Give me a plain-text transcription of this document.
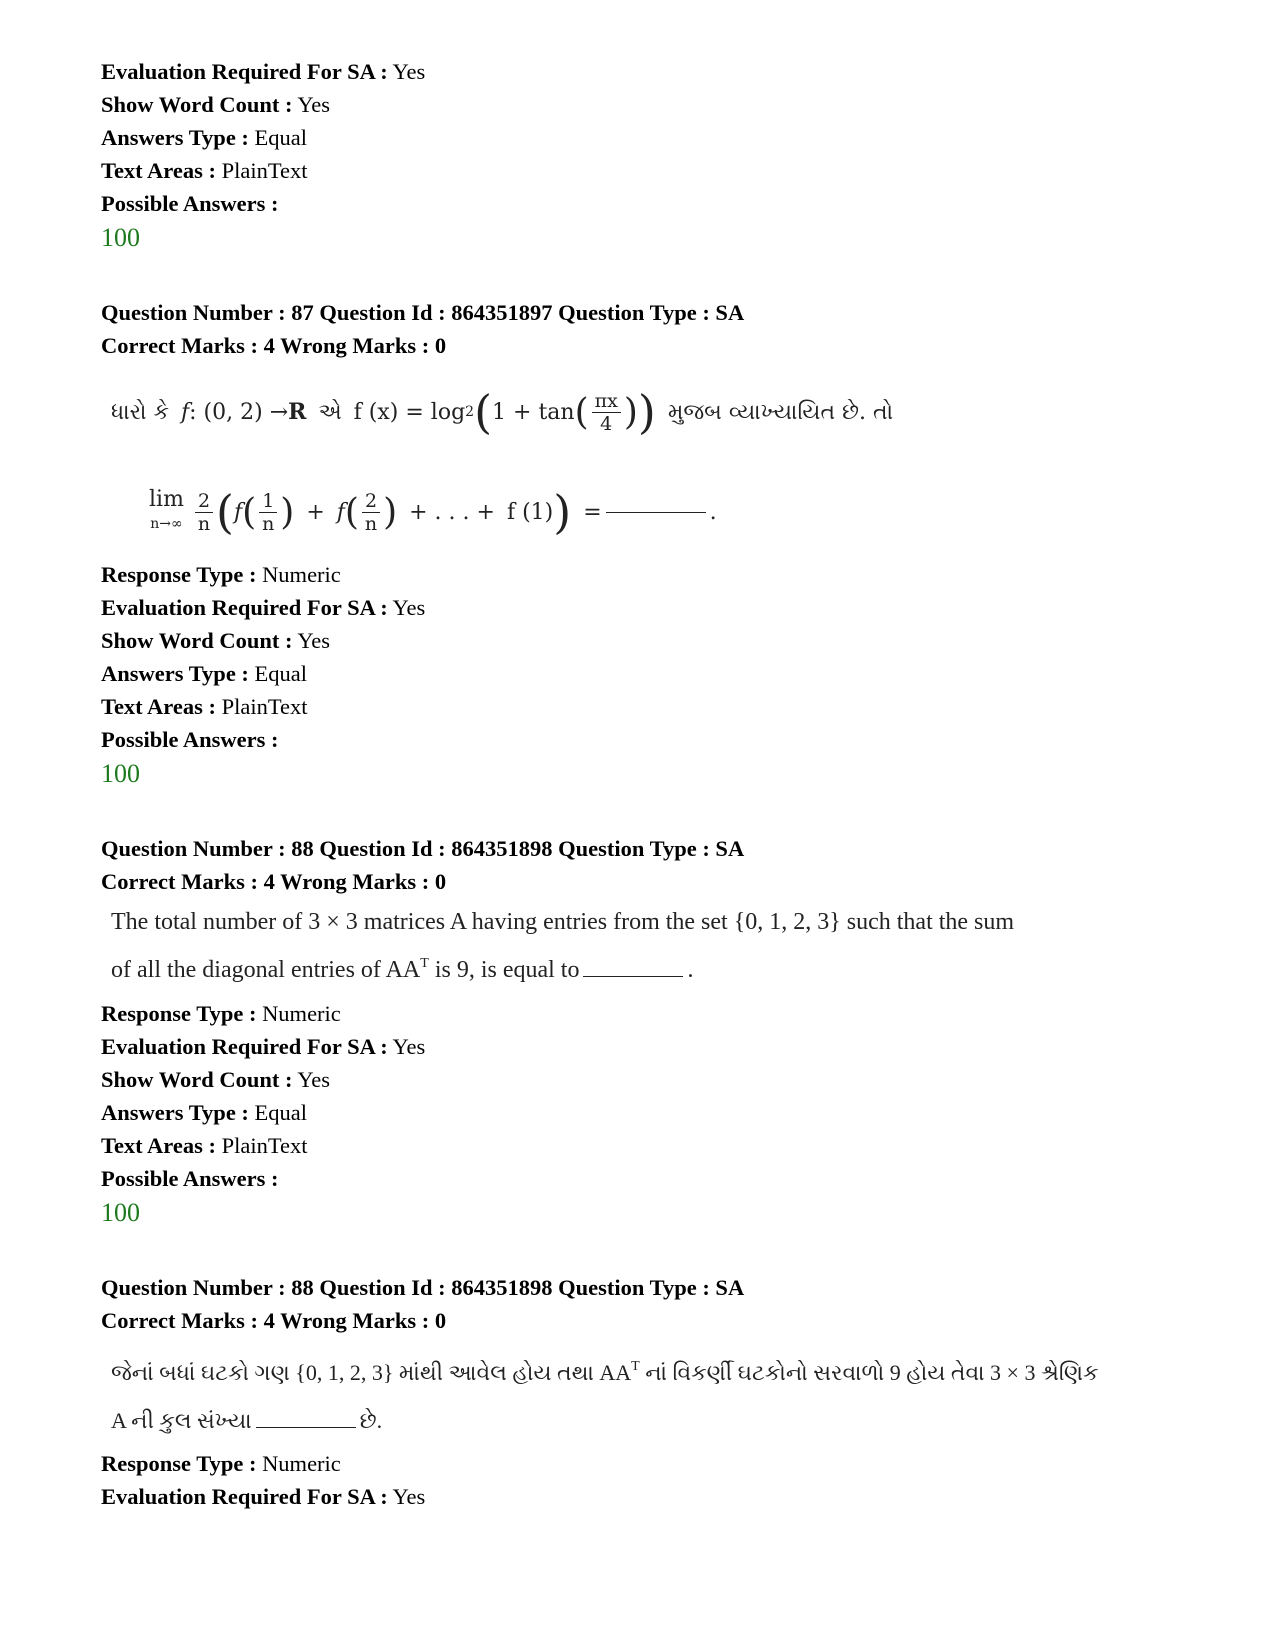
Evaluation Required For SA : Yes
Show Word Count : Yes
Answers Type : Equal
Text Areas : PlainText
Possible Answers :
100
Question Number : 87 Question Id : 864351897 Question Type : SA
Correct Marks : 4 Wrong Marks : 0
ધારો કે f : (0, 2) → R એ f (x) = log 2 ( 1 + tan ( $\frac{\pi x}{4}$ ) ) મુજબ વ્યાખ્યાયિત છે. તો
lim
$n\to\infty \frac{2}{n}$ ( f ( $\frac{1}{n}$ ) + f ( $\frac{2}{n}$ ) + . . . + f (1) ) =	.
Response Type : Numeric
Evaluation Required For SA : Yes
Show Word Count : Yes
Answers Type : Equal
Text Areas : PlainText
Possible Answers :
100
Question Number : 88 Question Id : 864351898 Question Type : SA
Correct Marks : 4 Wrong Marks : 0
The total number of 3 × 3 matrices A having entries from the set {0, 1, 2, 3} such that the sum
of all the diagonal entries of $AA^T$ is 9, is equal to	.
Response Type : Numeric
Evaluation Required For SA : Yes
Show Word Count : Yes
Answers Type : Equal
Text Areas : PlainText
Possible Answers :
100
Question Number : 88 Question Id : 864351898 Question Type : SA
Correct Marks : 4 Wrong Marks : 0
જેનાં બધાં ઘટકો ગણ {0, 1, 2, 3} માંથી આવેલ હોય તથા $AA^T$ નાં વિકર્ણી ઘટકોનો સરવાળો 9 હોય તેવા 3 × 3 શ્રેણિક
A ની કુલ સંખ્યા	છે.
Response Type : Numeric
Evaluation Required For SA : Yes
